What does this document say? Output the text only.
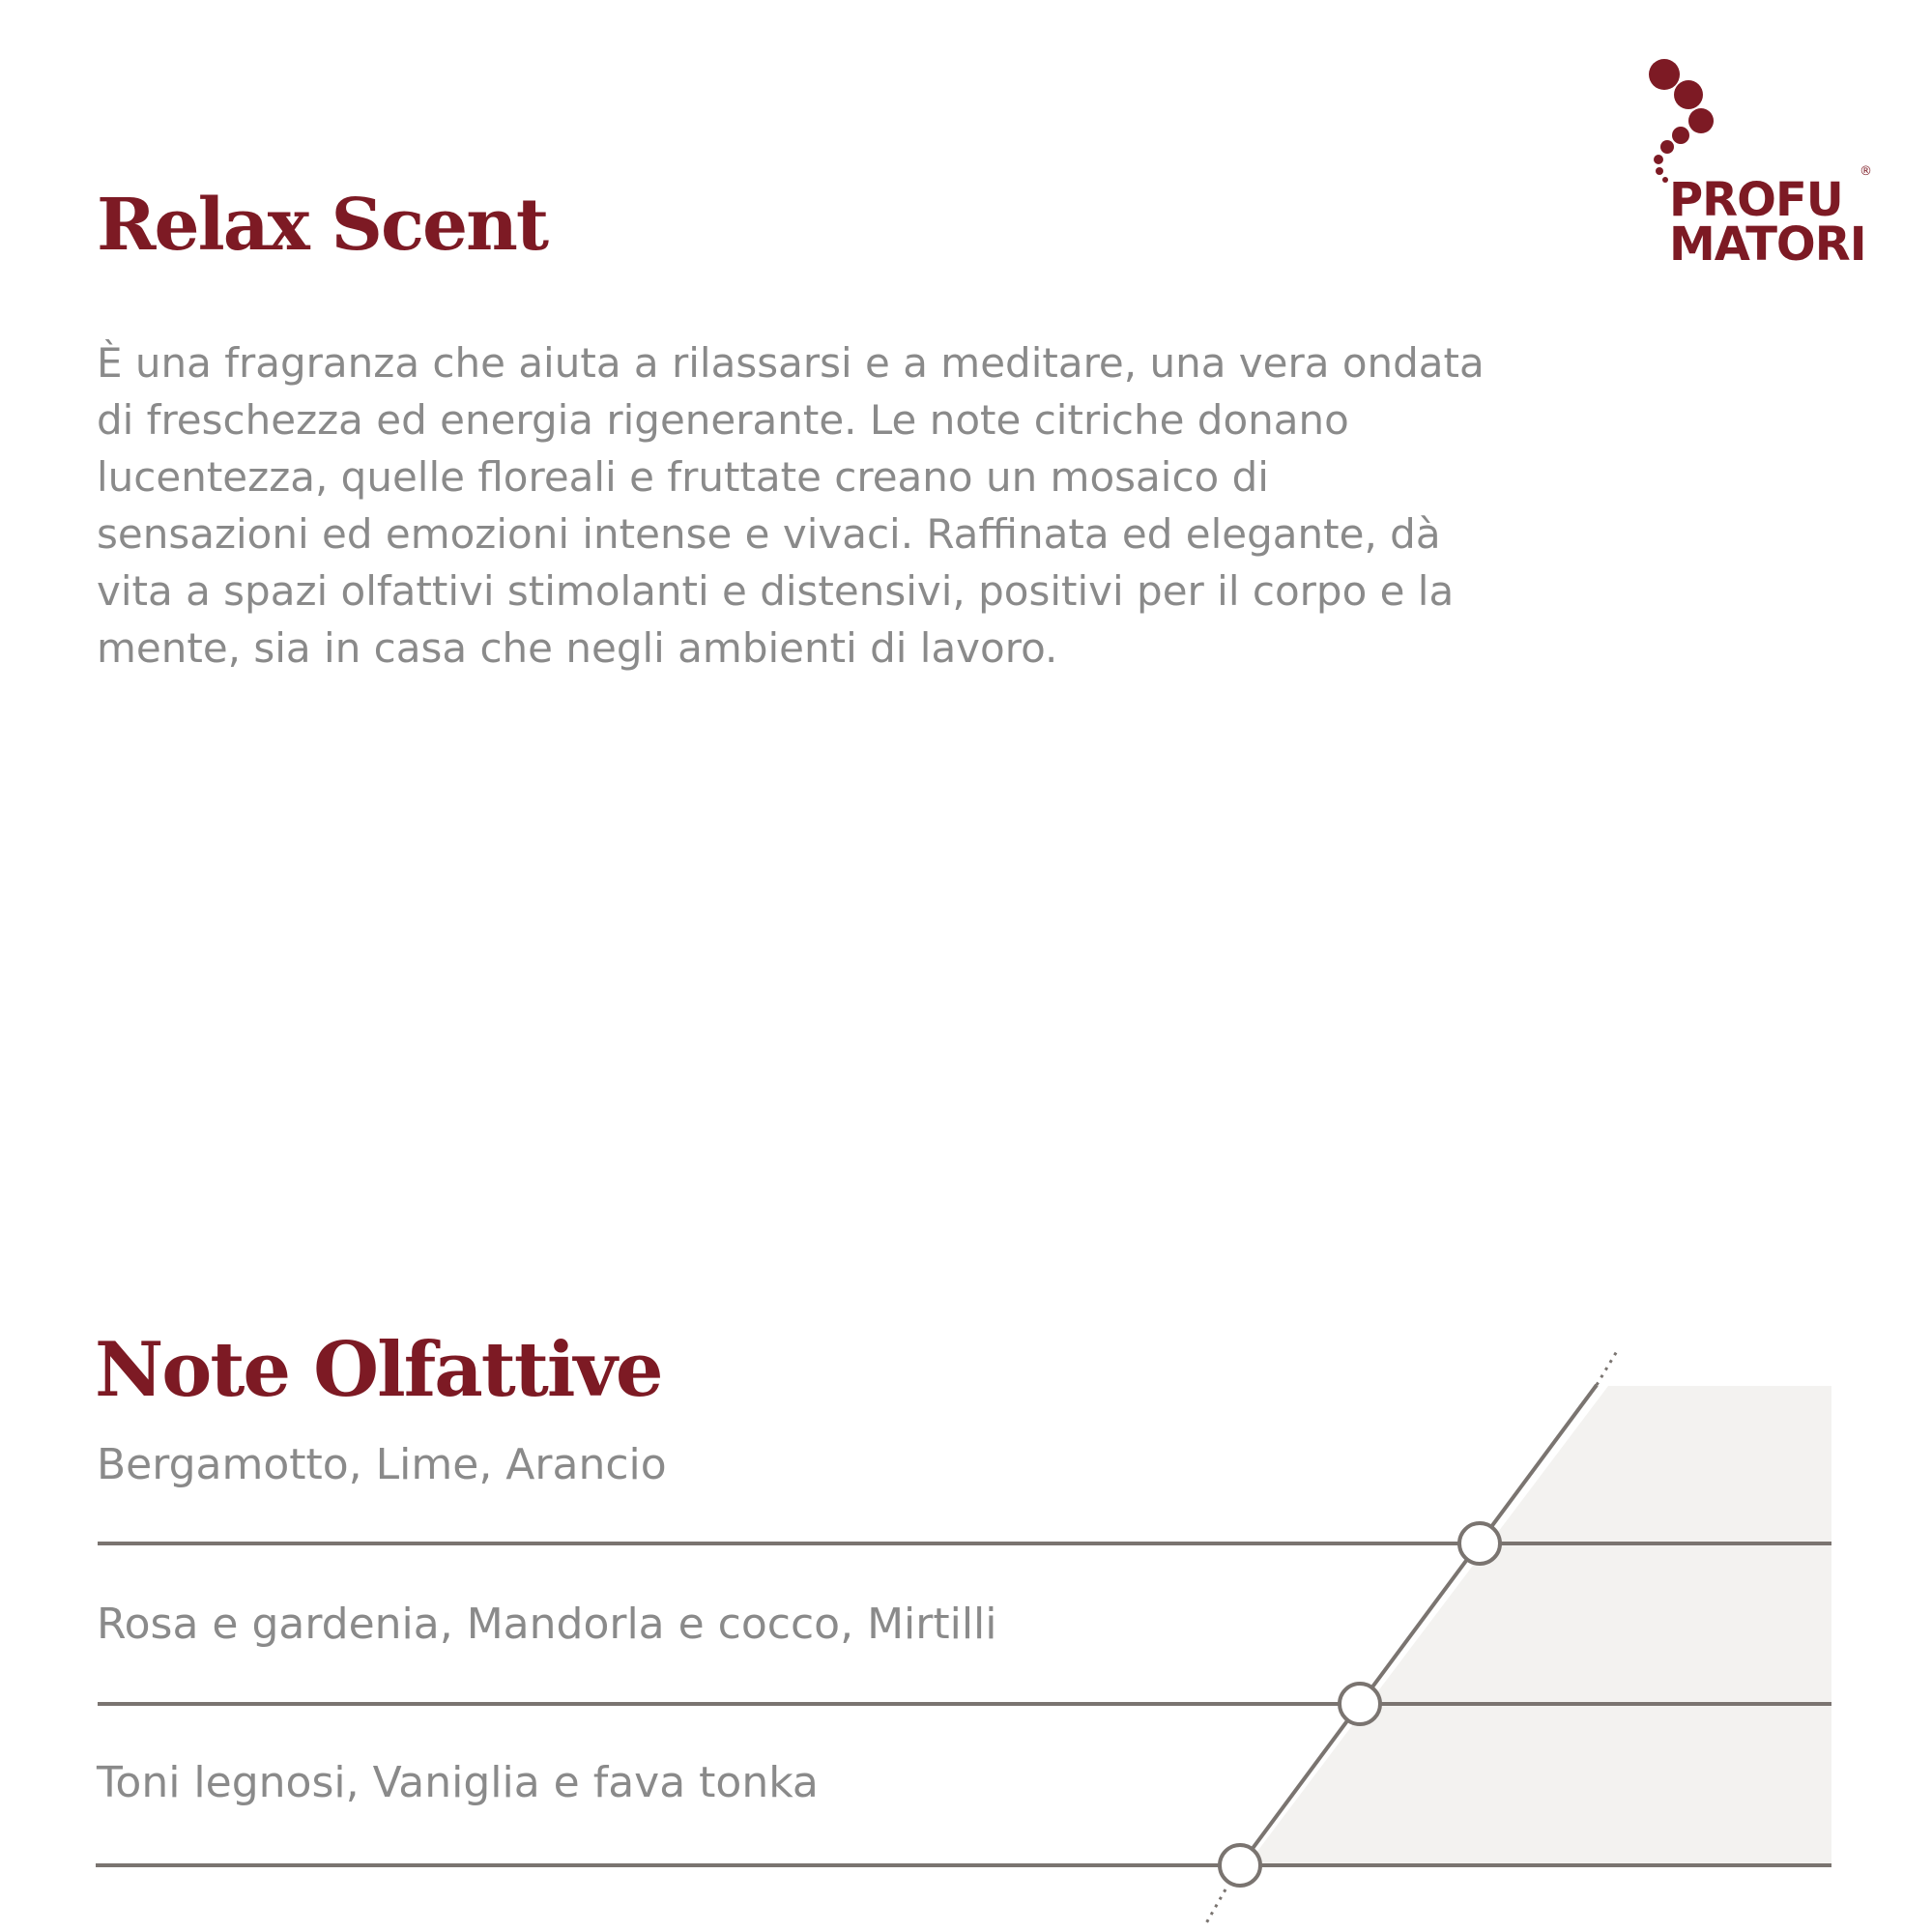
PROFU

MATORI

®

Relax Scent

È una fragranza che aiuta a rilassarsi e a meditare, una vera ondata di freschezza ed energia rigenerante. Le note citriche donano lucentezza, quelle floreali e fruttate creano un mosaico di sensazioni ed emozioni intense e vivaci. Raffinata ed elegante, dà vita a spazi olfattivi stimolanti e distensivi, positivi per il corpo e la mente, sia in casa che negli ambienti di lavoro.

Note Olfattive

Bergamotto, Lime, Arancio

Rosa e gardenia, Mandorla e cocco, Mirtilli

Toni legnosi, Vaniglia e fava tonka
